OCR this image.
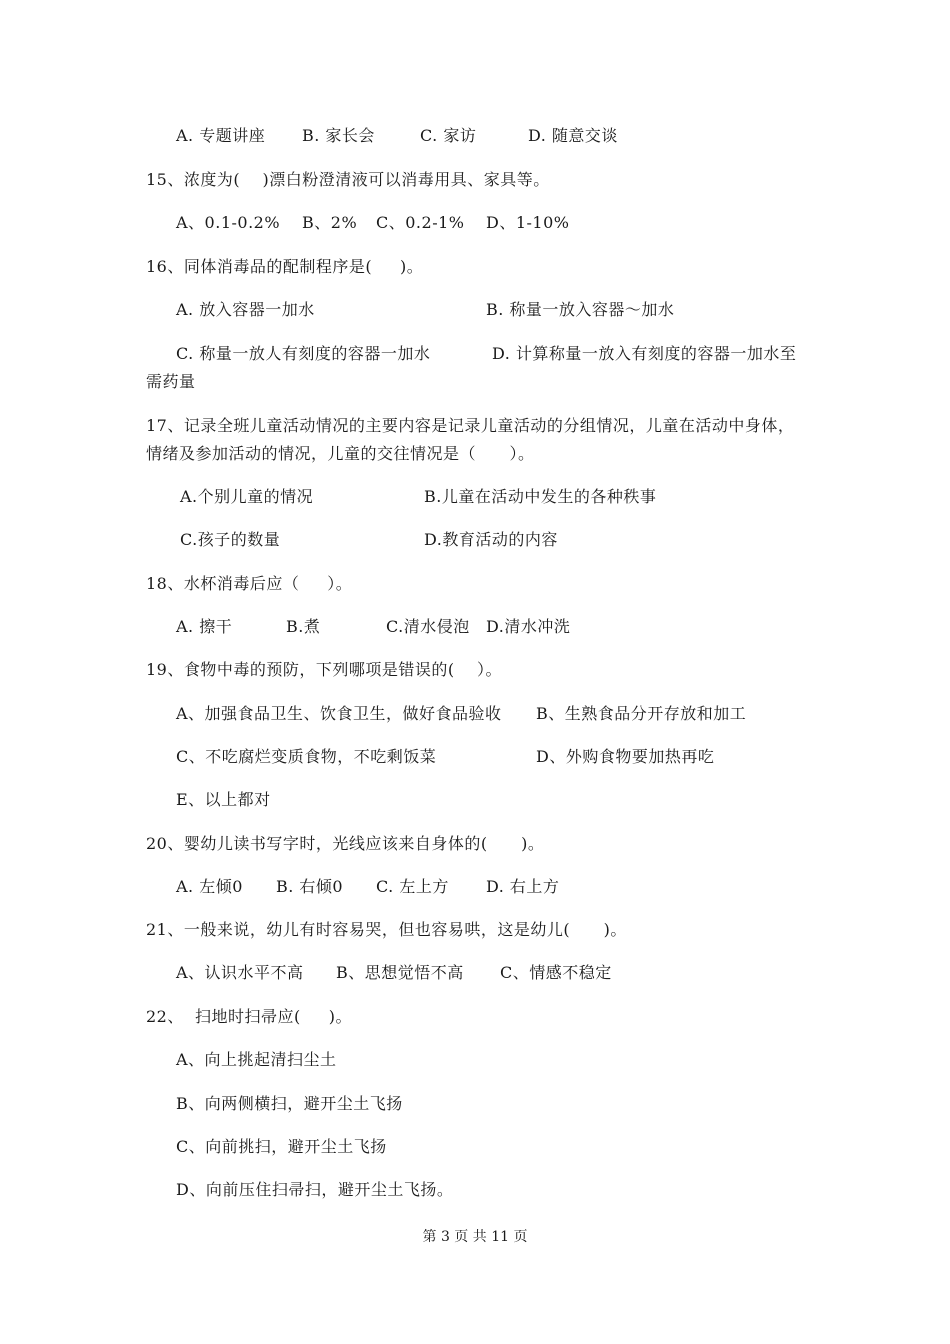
A. 专题讲座 B. 家长会	C. 家访	D. 随意交谈
15、浓度为(    )漂白粉澄清液可以消毒用具、家具等。
A、0.1-0.2% B、2% C、0.2-1% D、1-10%
16、同体消毒品的配制程序是(     )。
A. 放入容器一加水	B. 称量一放入容器～加水
C. 称量一放人有刻度的容器一加水	D. 计算称量一放入有刻度的容器一加水至
需药量
17、记录全班儿童活动情况的主要内容是记录儿童活动的分组情况，儿童在活动中身体，
情绪及参加活动的情况，儿童的交往情况是（      ）。
A.个别儿童的情况	B.儿童在活动中发生的各种秩事
C.孩子的数量	D.教育活动的内容
18、水杯消毒后应（     ）。
A. 擦干	B.煮	C.清水侵泡 D.清水冲洗
19、食物中毒的预防，下列哪项是错误的(    ）。
A、加强食品卫生、饮食卫生，做好食品验收 B、生熟食品分开存放和加工
C、不吃腐烂变质食物，不吃剩饭菜	D、外购食物要加热再吃
E、以上都对
20、婴幼儿读书写字时，光线应该来自身体的(      )。
A. 左倾0 B. 右倾0 C. 左上方 D. 右上方
21、一般来说，幼儿有时容易哭，但也容易哄，这是幼儿(      )。
A、认识水平不高 B、思想觉悟不高 C、情感不稳定
22、  扫地时扫帚应(     )。
A、向上挑起清扫尘土
B、向两侧横扫，避开尘土飞扬
C、向前挑扫，避开尘土飞扬
D、向前压住扫帚扫，避开尘土飞扬。
第 3 页 共 11 页
